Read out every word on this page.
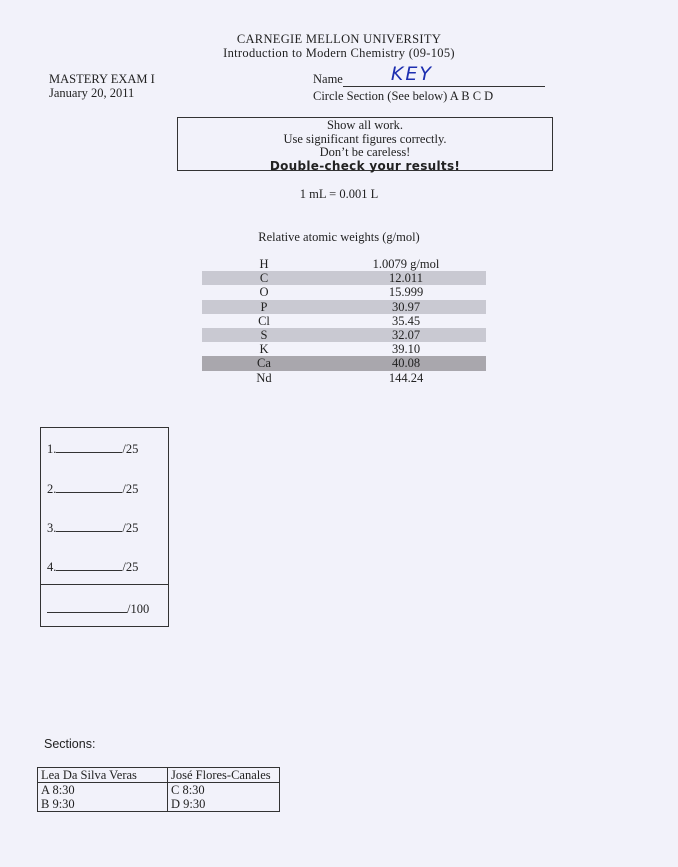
CARNEGIE MELLON UNIVERSITY
Introduction to Modern Chemistry (09-105)
MASTERY EXAM I
January 20, 2011
Name	KEY
Circle Section (See below) A B C D
Show all work.
Use significant figures correctly.
Don’t be careless!
Double-check your results!
1 mL = 0.001 L
Relative atomic weights (g/mol)
H	1.0079 g/mol
C	12.011
O	15.999
P	30.97
Cl	35.45
S	32.07
K	39.10
Ca	40.08
Nd	144.24
1.	/25
2.	/25
3.	/25
4.	/25
/100
Sections:
Lea Da Silva Veras	José Flores-Canales
A 8:30	C 8:30
B 9:30	D 9:30
